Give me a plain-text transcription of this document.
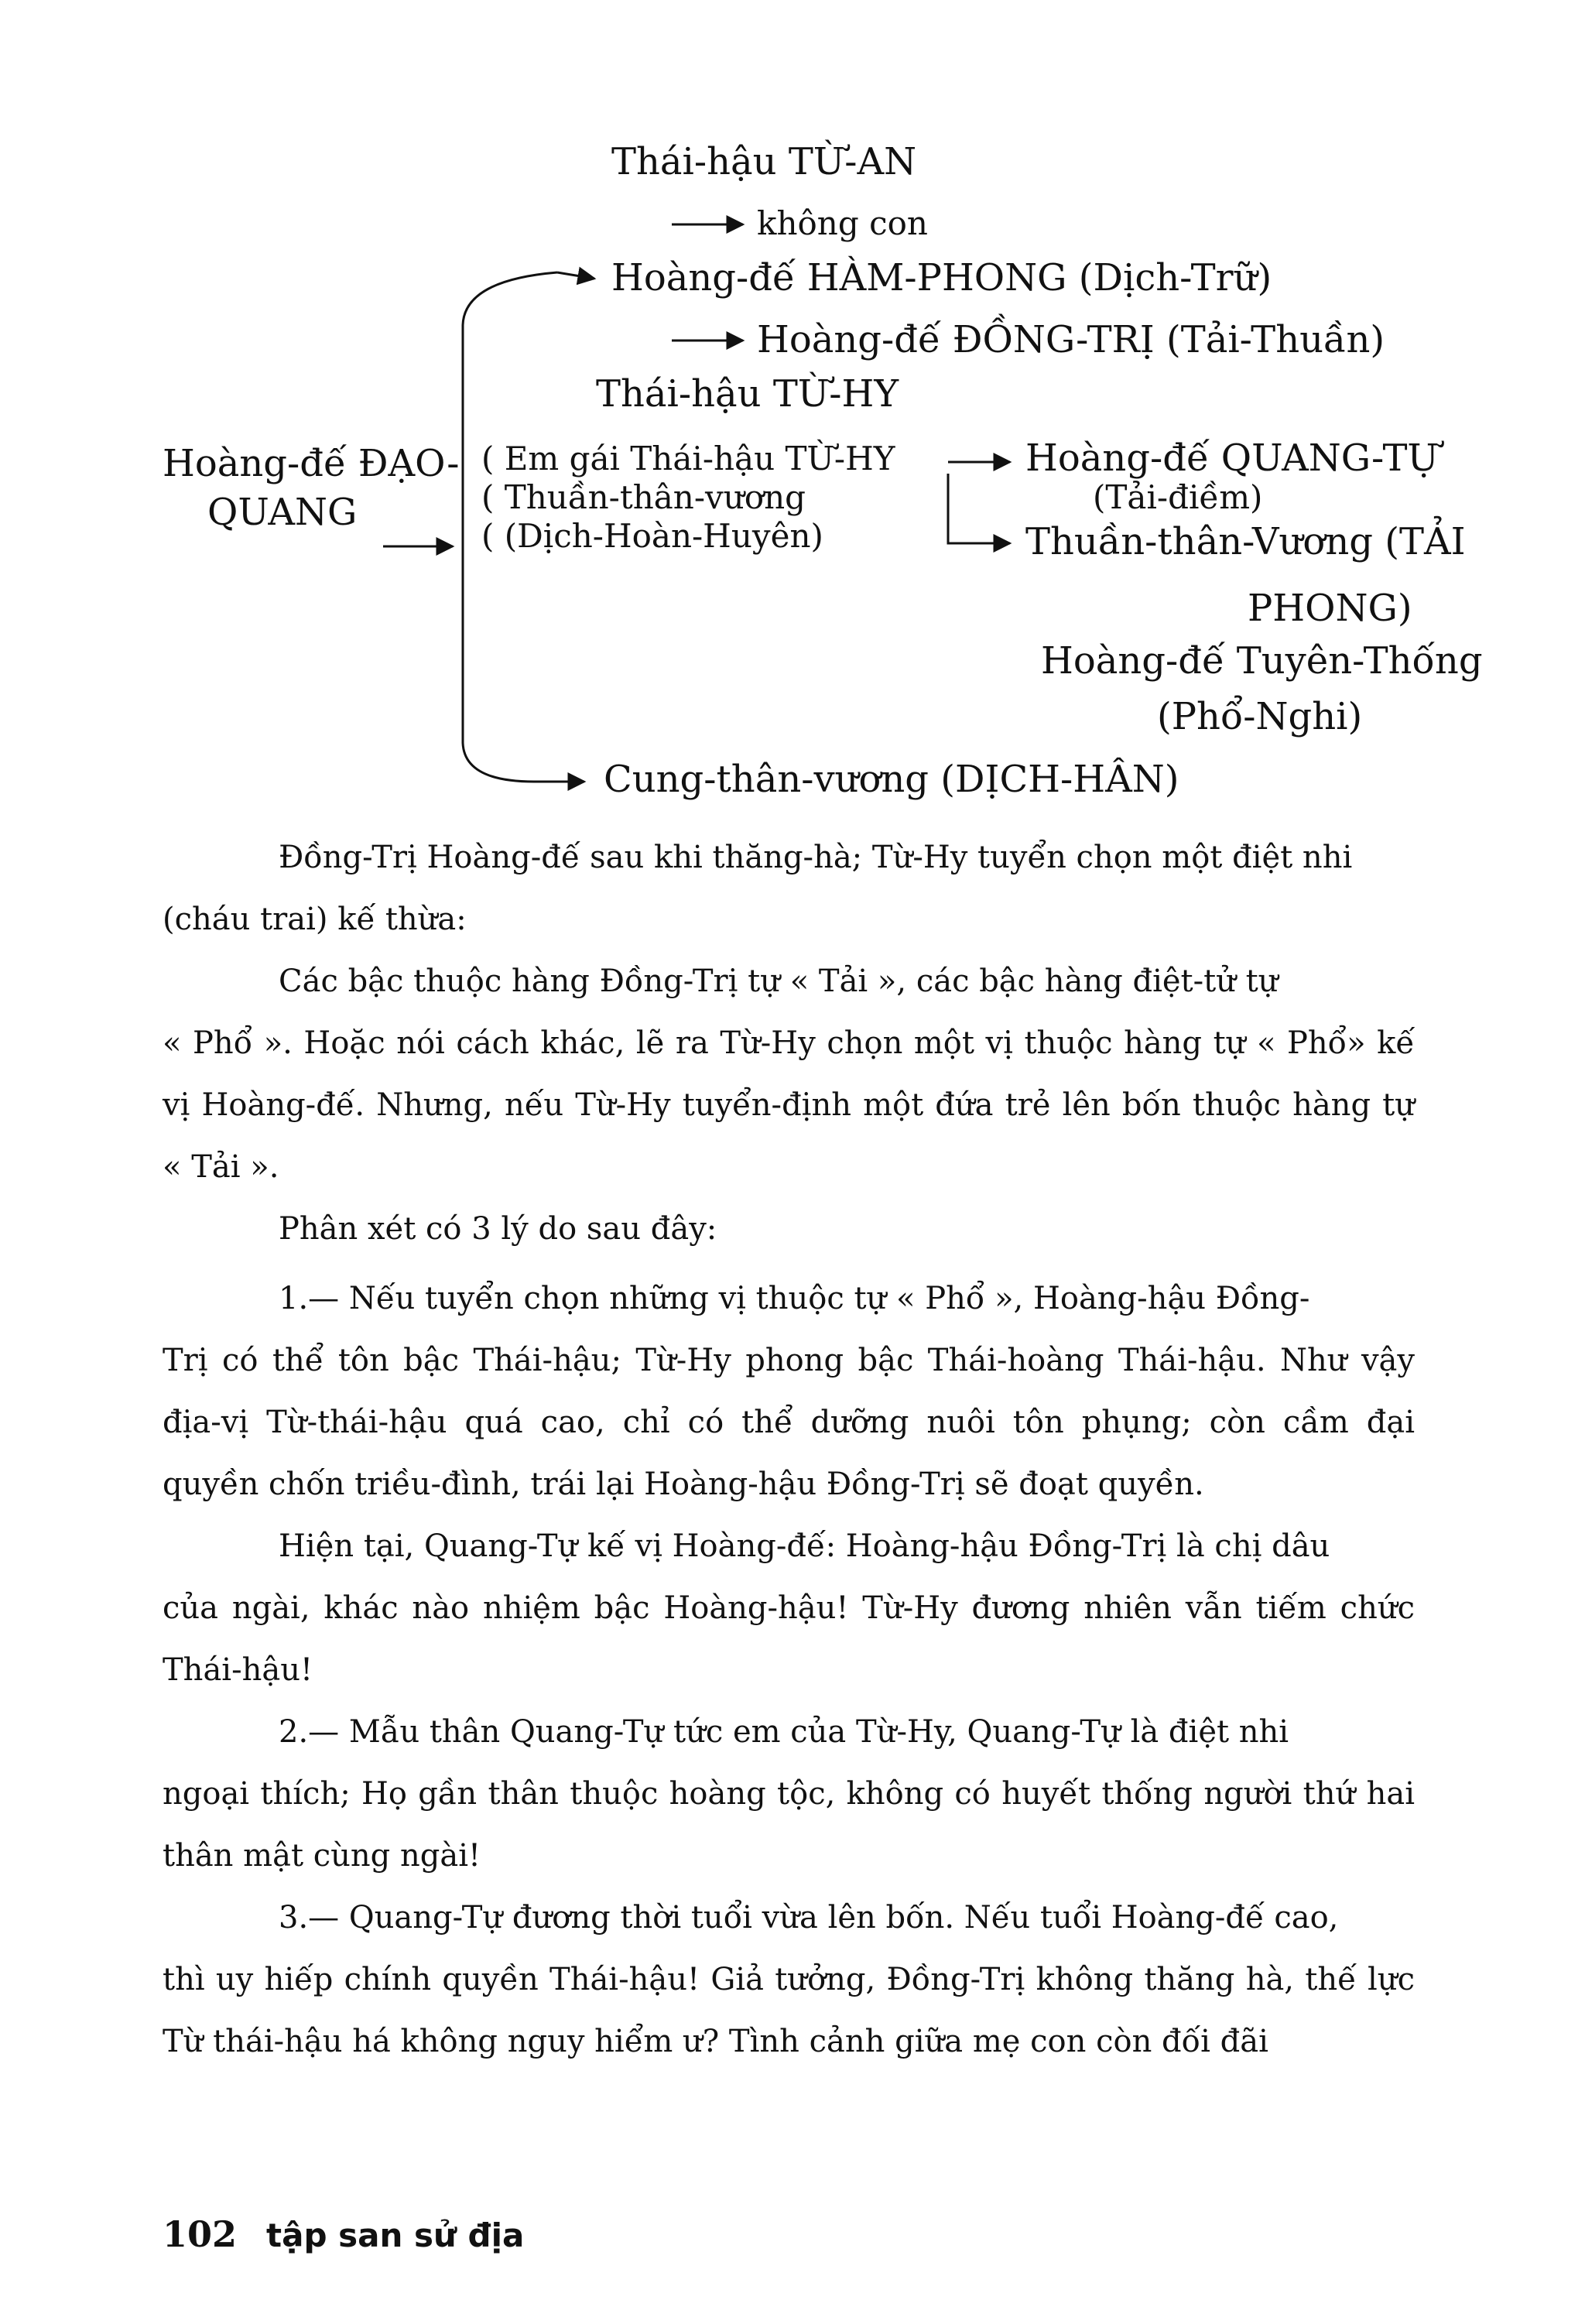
Hoàng-đế ĐẠO-
QUANG
Thái-hậu TỪ-AN
không con
Hoàng-đế HÀM-PHONG (Dịch-Trữ)
Hoàng-đế ĐỒNG-TRỊ (Tải-Thuần)
Thái-hậu TỪ-HY
( Em gái Thái-hậu TỪ-HY
( Thuần-thân-vương
( (Dịch-Hoàn-Huyên)
Hoàng-đế QUANG-TỰ
(Tải-điềm)
Thuần-thân-Vương (TẢI
PHONG)
Hoàng-đế Tuyên-Thống
(Phổ-Nghi)
Cung-thân-vương (DỊCH-HÂN)
Đồng-Trị Hoàng-đế sau khi thăng-hà; Từ-Hy tuyển chọn một điệt nhi
(cháu trai) kế thừa:
Các bậc thuộc hàng Đồng-Trị tự « Tải », các bậc hàng điệt-tử tự
« Phổ ». Hoặc nói cách khác, lẽ ra Từ-Hy chọn một vị thuộc hàng tự « Phổ» kế vị Hoàng-đế. Nhưng, nếu Từ-Hy tuyển-định một đứa trẻ lên bốn thuộc hàng tự « Tải ».
Phân xét có 3 lý do sau đây:
1.— Nếu tuyển chọn những vị thuộc tự « Phổ », Hoàng-hậu Đồng-
Trị có thể tôn bậc Thái-hậu; Từ-Hy phong bậc Thái-hoàng Thái-hậu. Như vậy địa-vị Từ-thái-hậu quá cao, chỉ có thể dưỡng nuôi tôn phụng; còn cầm đại quyền chốn triều-đình, trái lại Hoàng-hậu Đồng-Trị sẽ đoạt quyền.
Hiện tại, Quang-Tự kế vị Hoàng-đế: Hoàng-hậu Đồng-Trị là chị dâu
của ngài, khác nào nhiệm bậc Hoàng-hậu! Từ-Hy đương nhiên vẫn tiếm chức Thái-hậu!
2.— Mẫu thân Quang-Tự tức em của Từ-Hy, Quang-Tự là điệt nhi
ngoại thích; Họ gần thân thuộc hoàng tộc, không có huyết thống người thứ hai thân mật cùng ngài!
3.— Quang-Tự đương thời tuổi vừa lên bốn. Nếu tuổi Hoàng-đế cao,
thì uy hiếp chính quyền Thái-hậu! Giả tưởng, Đồng-Trị không thăng hà, thế lực Từ thái-hậu há không nguy hiểm ư? Tình cảnh giữa mẹ con còn đối đãi
102 tập san sử địa
